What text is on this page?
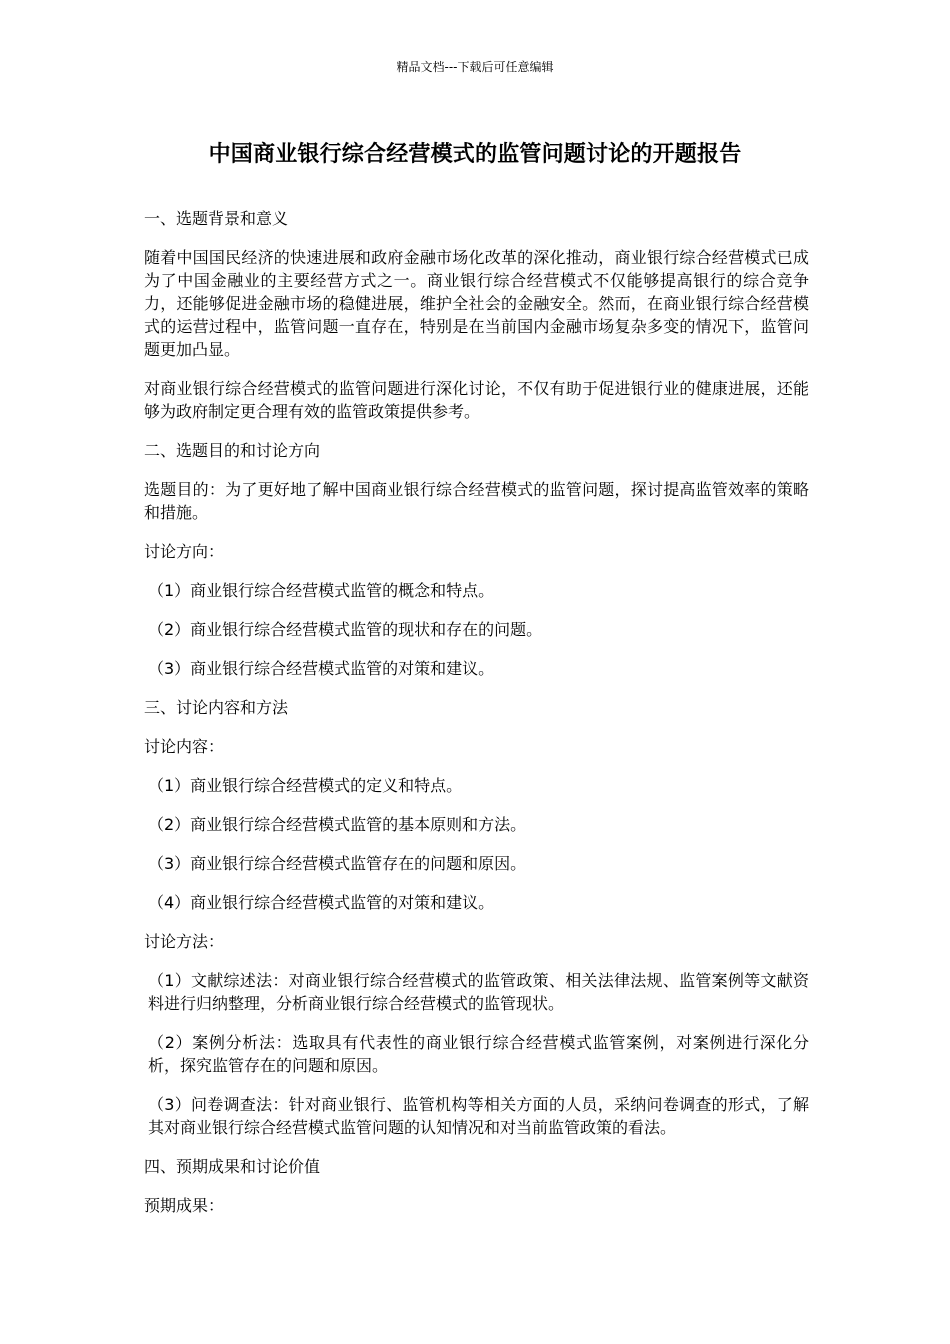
精品文档---下载后可任意编辑
中国商业银行综合经营模式的监管问题讨论的开题报告

一、选题背景和意义

随着中国国民经济的快速进展和政府金融市场化改革的深化推动，商业银行综合经营模式已成为了中国金融业的主要经营方式之一。商业银行综合经营模式不仅能够提高银行的综合竞争力，还能够促进金融市场的稳健进展，维护全社会的金融安全。然而，在商业银行综合经营模式的运营过程中，监管问题一直存在，特别是在当前国内金融市场复杂多变的情况下，监管问题更加凸显。

对商业银行综合经营模式的监管问题进行深化讨论，不仅有助于促进银行业的健康进展，还能够为政府制定更合理有效的监管政策提供参考。

二、选题目的和讨论方向

选题目的：为了更好地了解中国商业银行综合经营模式的监管问题，探讨提高监管效率的策略和措施。

讨论方向：

（1）商业银行综合经营模式监管的概念和特点。

（2）商业银行综合经营模式监管的现状和存在的问题。

（3）商业银行综合经营模式监管的对策和建议。

三、讨论内容和方法

讨论内容：

（1）商业银行综合经营模式的定义和特点。

（2）商业银行综合经营模式监管的基本原则和方法。

（3）商业银行综合经营模式监管存在的问题和原因。

（4）商业银行综合经营模式监管的对策和建议。

讨论方法：

（1）文献综述法：对商业银行综合经营模式的监管政策、相关法律法规、监管案例等文献资料进行归纳整理，分析商业银行综合经营模式的监管现状。

（2）案例分析法：选取具有代表性的商业银行综合经营模式监管案例，对案例进行深化分析，探究监管存在的问题和原因。

（3）问卷调查法：针对商业银行、监管机构等相关方面的人员，采纳问卷调查的形式，了解其对商业银行综合经营模式监管问题的认知情况和对当前监管政策的看法。

四、预期成果和讨论价值

预期成果：
